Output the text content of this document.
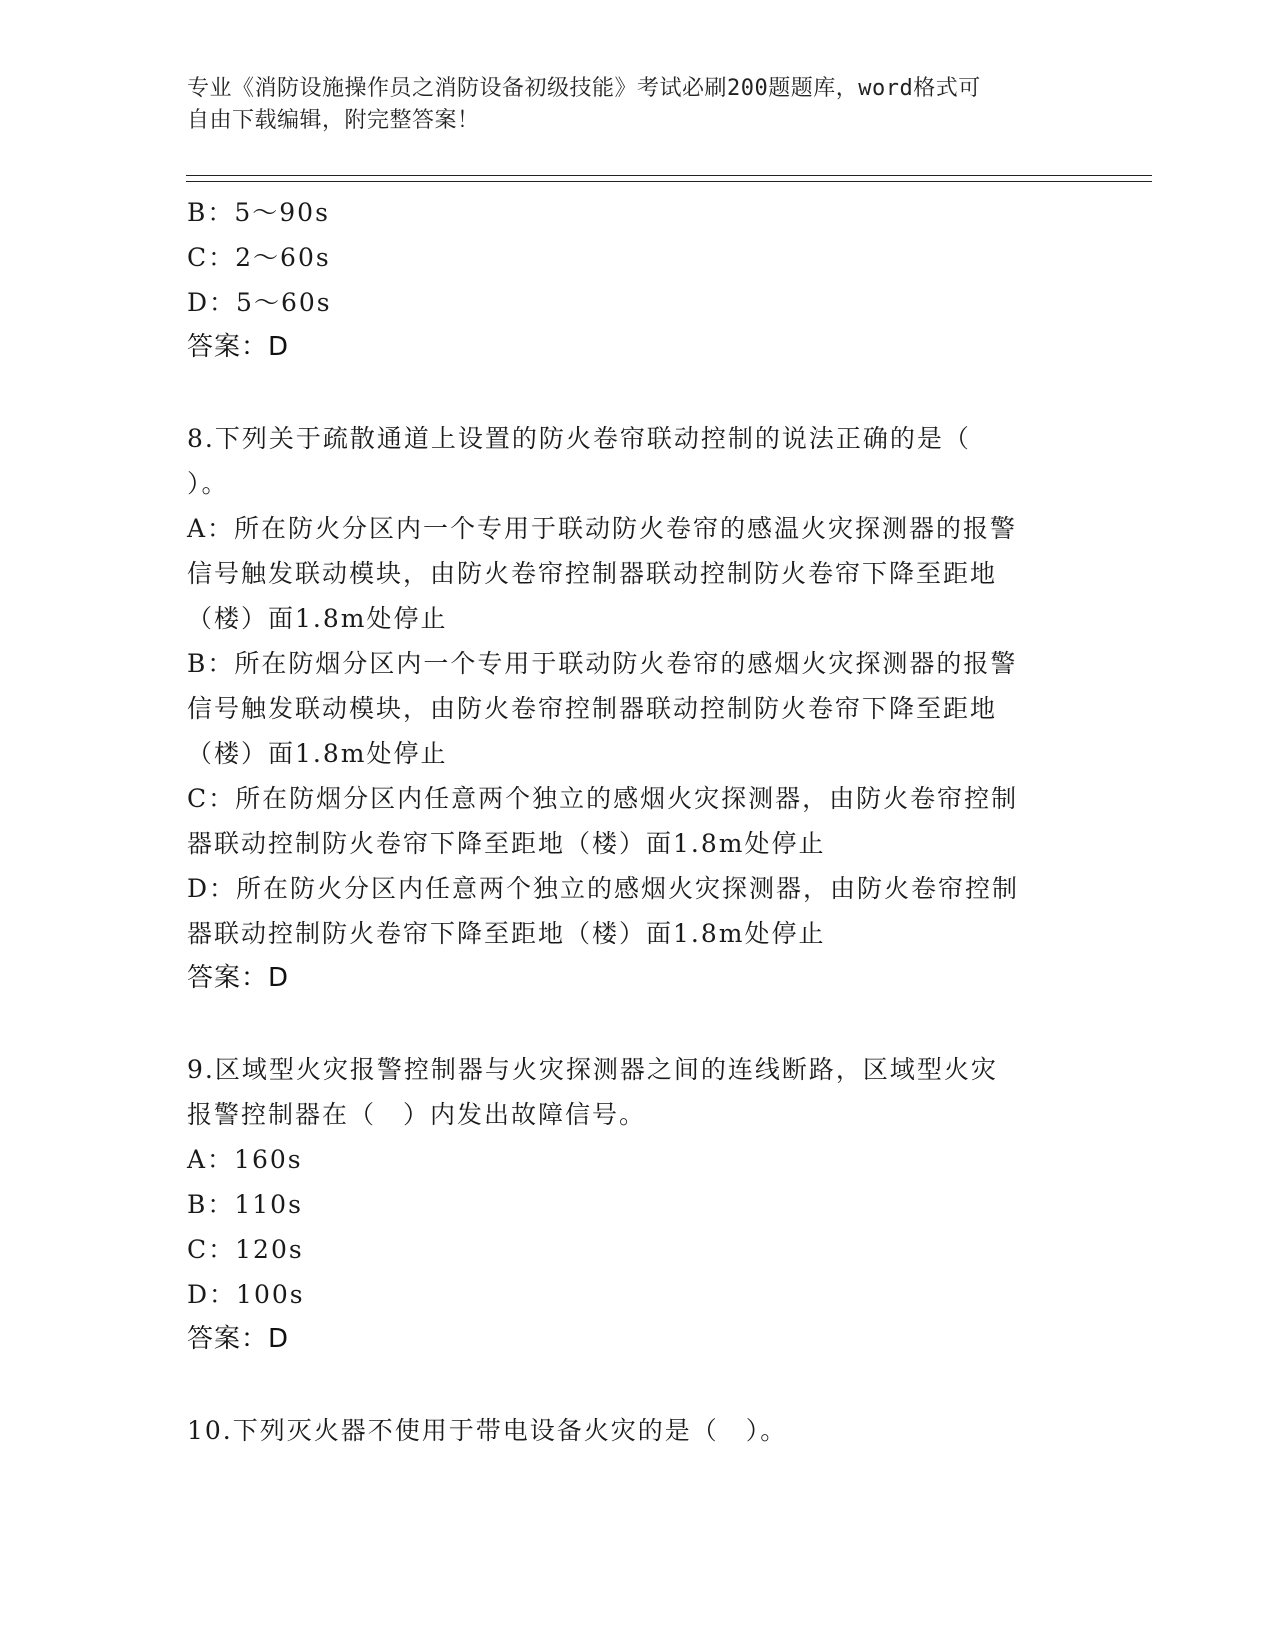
专业《消防设施操作员之消防设备初级技能》考试必刷200题题库，word格式可
自由下载编辑，附完整答案！
B：5～90s
C：2～60s
D：5～60s
答案：D
8.下列关于疏散通道上设置的防火卷帘联动控制的说法正确的是（
）。
A：所在防火分区内一个专用于联动防火卷帘的感温火灾探测器的报警
信号触发联动模块，由防火卷帘控制器联动控制防火卷帘下降至距地
（楼）面1.8m处停止
B：所在防烟分区内一个专用于联动防火卷帘的感烟火灾探测器的报警
信号触发联动模块，由防火卷帘控制器联动控制防火卷帘下降至距地
（楼）面1.8m处停止
C：所在防烟分区内任意两个独立的感烟火灾探测器，由防火卷帘控制
器联动控制防火卷帘下降至距地（楼）面1.8m处停止
D：所在防火分区内任意两个独立的感烟火灾探测器，由防火卷帘控制
器联动控制防火卷帘下降至距地（楼）面1.8m处停止
答案：D
9.区域型火灾报警控制器与火灾探测器之间的连线断路，区域型火灾
报警控制器在（　）内发出故障信号。
A：160s
B：110s
C：120s
D：100s
答案：D
10.下列灭火器不使用于带电设备火灾的是（　）。
